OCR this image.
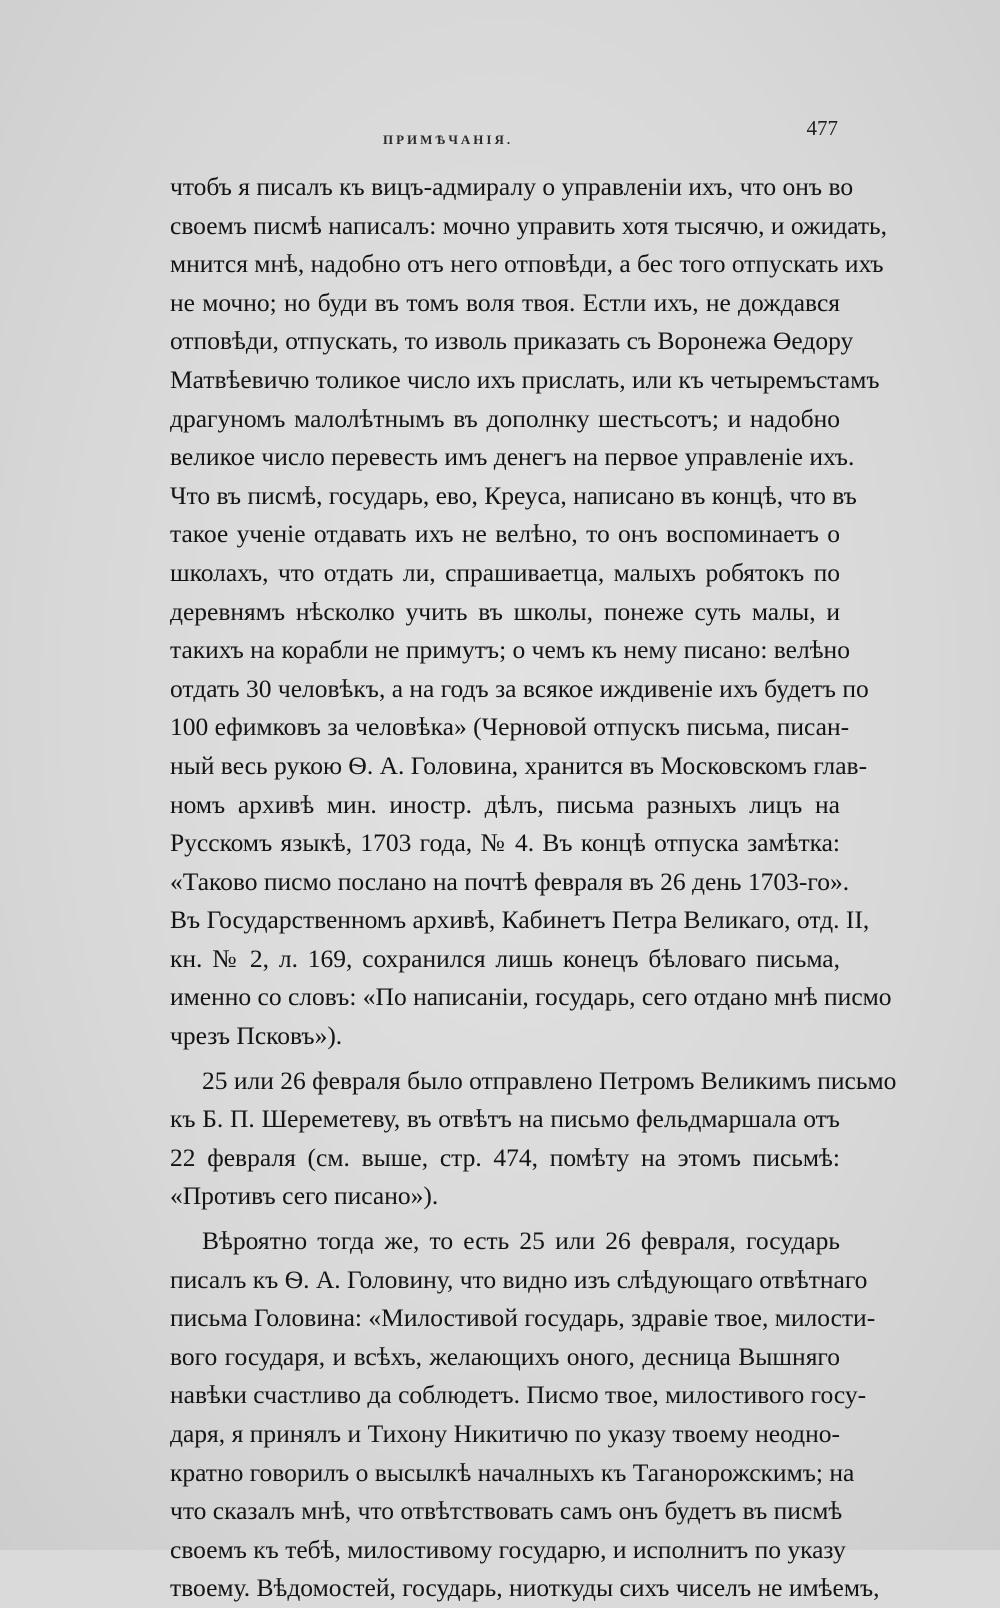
ПРИМѢЧАНІЯ.	477
чтобъ я писалъ къ вицъ-адмиралу о управленіи ихъ, что онъ во
своемъ писмѣ написалъ: мочно управить хотя тысячю, и ожидать,
мнится мнѣ, надобно отъ него отповѣди, а бес того отпускать ихъ
не мочно; но буди въ томъ воля твоя. Естли ихъ, не дождався
отповѣди, отпускать, то изволь приказать съ Воронежа Өедору
Матвѣевичю толикое число ихъ прислать, или къ четыремъстамъ
драгуномъ малолѣтнымъ въ дополнку шестьсотъ; и надобно
великое число перевесть имъ денегъ на первое управленіе ихъ.
Что въ писмѣ, государь, ево, Креуса, написано въ концѣ, что въ
такое ученіе отдавать ихъ не велѣно, то онъ воспоминаетъ о
школахъ, что отдать ли, спрашиваетца, малыхъ робятокъ по
деревнямъ нѣсколко учить въ школы, понеже суть малы, и
такихъ на корабли не примутъ; о чемъ къ нему писано: велѣно
отдать 30 человѣкъ, а на годъ за всякое иждивеніе ихъ будетъ по
100 ефимковъ за человѣка» (Черновой отпускъ письма, писан-
ный весь рукою Ѳ. А. Головина, хранится въ Московскомъ глав-
номъ архивѣ мин. иностр. дѣлъ, письма разныхъ лицъ на
Русскомъ языкѣ, 1703 года, № 4. Въ концѣ отпуска замѣтка:
«Таково писмо послано на почтѣ февраля въ 26 день 1703-го».
Въ Государственномъ архивѣ, Кабинетъ Петра Великаго, отд. II,
кн. № 2, л. 169, сохранился лишь конецъ бѣловаго письма,
именно со словъ: «По написаніи, государь, сего отдано мнѣ писмо
чрезъ Псковъ»).
25 или 26 февраля было отправлено Петромъ Великимъ письмо
къ Б. П. Шереметеву, въ отвѣтъ на письмо фельдмаршала отъ
22 февраля (см. выше, стр. 474, помѣту на этомъ письмѣ:
«Противъ сего писано»).
Вѣроятно тогда же, то есть 25 или 26 февраля, государь
писалъ къ Ѳ. А. Головину, что видно изъ слѣдующаго отвѣтнаго
письма Головина: «Милостивой государь, здравіе твое, милости-
вого государя, и всѣхъ, желающихъ оного, десница Вышняго
навѣки счастливо да соблюдетъ. Писмо твое, милостивого госу-
даря, я принялъ и Тихону Никитичю по указу твоему неодно-
кратно говорилъ о высылкѣ началныхъ къ Таганорожскимъ; на
что сказалъ мнѣ, что отвѣтствовать самъ онъ будетъ въ писмѣ
своемъ къ тебѣ, милостивому государю, и исполнитъ по указу
твоему. Вѣдомостей, государь, ниоткуды сихъ чиселъ не имѣемъ,
